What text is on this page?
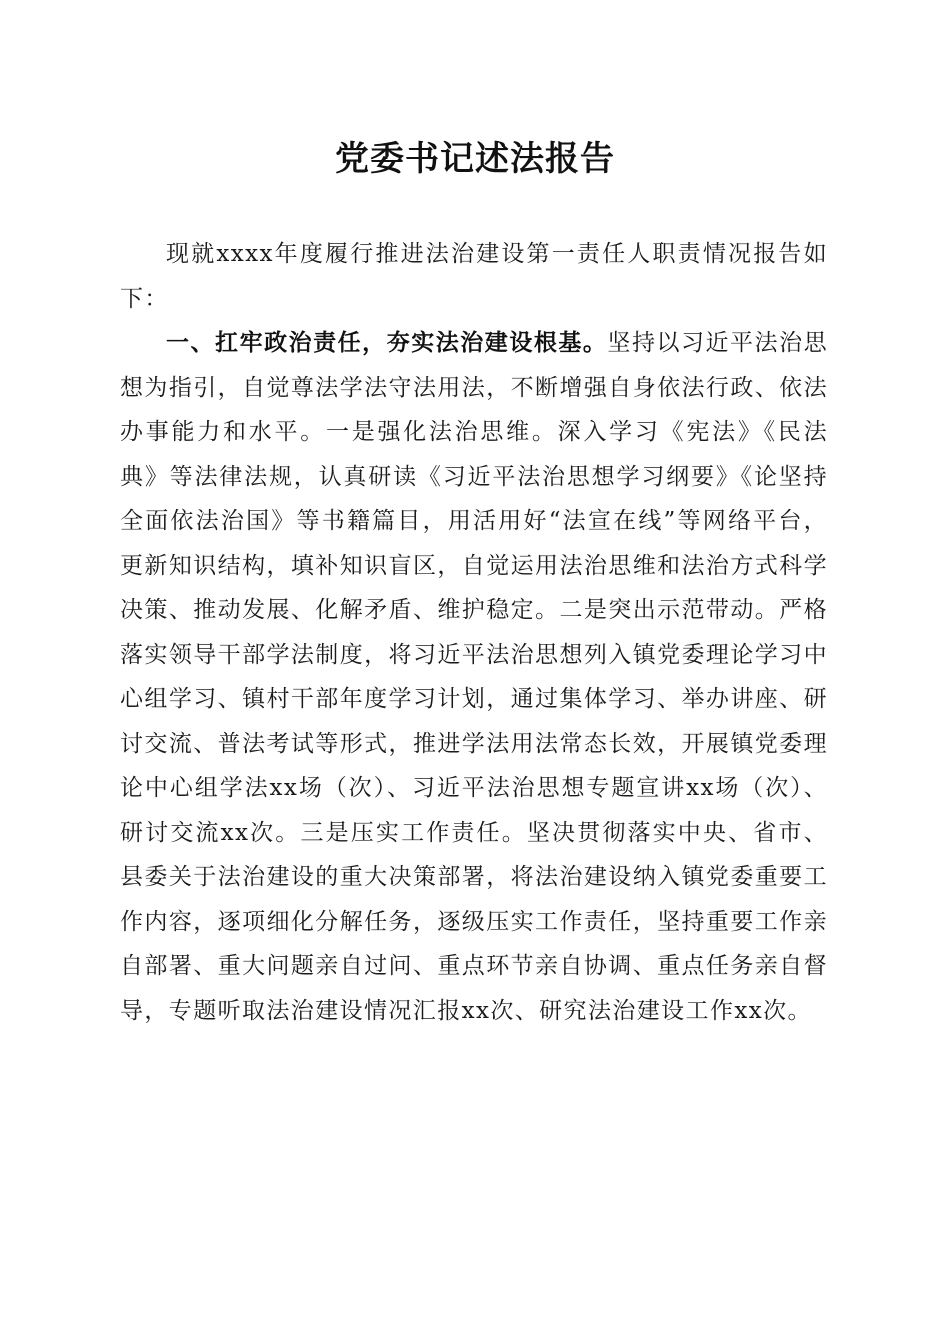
党委书记述法报告

现就xxxx年度履行推进法治建设第一责任人职责情况报告如下：

一、扛牢政治责任，夯实法治建设根基。坚持以习近平法治思想为指引，自觉尊法学法守法用法，不断增强自身依法行政、依法办事能力和水平。一是强化法治思维。深入学习《宪法》《民法典》等法律法规，认真研读《习近平法治思想学习纲要》《论坚持全面依法治国》等书籍篇目，用活用好“法宣在线”等网络平台，更新知识结构，填补知识盲区，自觉运用法治思维和法治方式科学决策、推动发展、化解矛盾、维护稳定。二是突出示范带动。严格落实领导干部学法制度，将习近平法治思想列入镇党委理论学习中心组学习、镇村干部年度学习计划，通过集体学习、举办讲座、研讨交流、普法考试等形式，推进学法用法常态长效，开展镇党委理论中心组学法xx场（次）、习近平法治思想专题宣讲xx场（次）、研讨交流xx次。三是压实工作责任。坚决贯彻落实中央、省市、县委关于法治建设的重大决策部署，将法治建设纳入镇党委重要工作内容，逐项细化分解任务，逐级压实工作责任，坚持重要工作亲自部署、重大问题亲自过问、重点环节亲自协调、重点任务亲自督导，专题听取法治建设情况汇报xx次、研究法治建设工作xx次。
